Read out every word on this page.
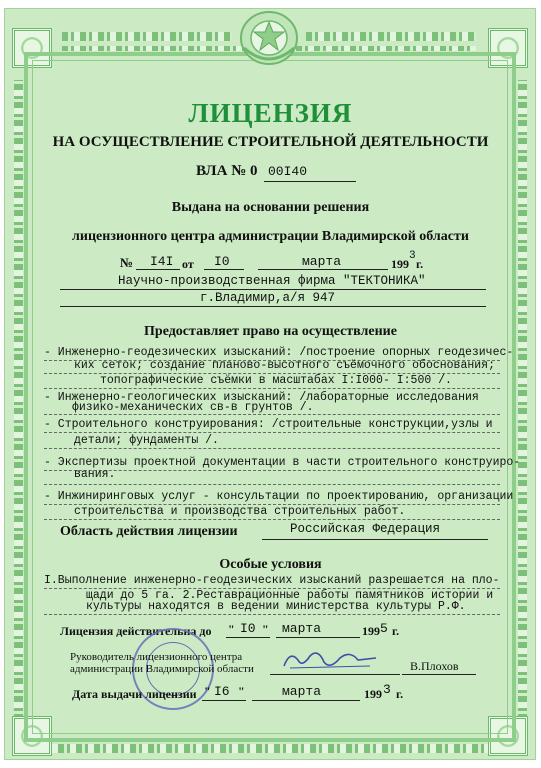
ЛИЦЕНЗИЯ
НА ОСУЩЕСТВЛЕНИЕ СТРОИТЕЛЬНОЙ ДЕЯТЕЛЬНОСТИ
ВЛА № 0 00I40
Выдана на основании решения
лицензионного центра администрации Владимирской области
№ I4I от I0	марта	199
3
г.
Научно-производственная фирма "ТЕКТОНИКА"
г.Владимир,а/я 947
Предоставляет право на осуществление
- Инженерно-геодезических изысканий: /построение опорных геодезичес-
ких сеток; создание планово-высотного съёмочного обоснования;
топографические съёмки в масштабах I:I000- I:500 /.
- Инженерно-геологических изысканий: /лабораторные исследования
физико-механических св-в грунтов /.
- Строительного конструирования: /строительные конструкции,узлы и
детали; фундаменты /.
- Экспертизы проектной документации в части строительного конструиро-
вания.
- Инжиниринговых услуг - консультации по проектированию, организации
строительства и производства строительных работ.
Область действия лицензии	Российская Федерация
Особые условия
I.Выполнение инженерно-геодезических изысканий разрешается на пло-
щади до 5 га. 2.Реставрационные работы памятников истории и
культуры находятся в ведении министерства культуры Р.Ф.
Лицензия действительна до " I0 " марта	199 5 г.
Руководитель лицензионного центра
администрации Владимирской области	В.Плохов
Дата выдачи лицензии " I6 "	марта	199 3 г.
